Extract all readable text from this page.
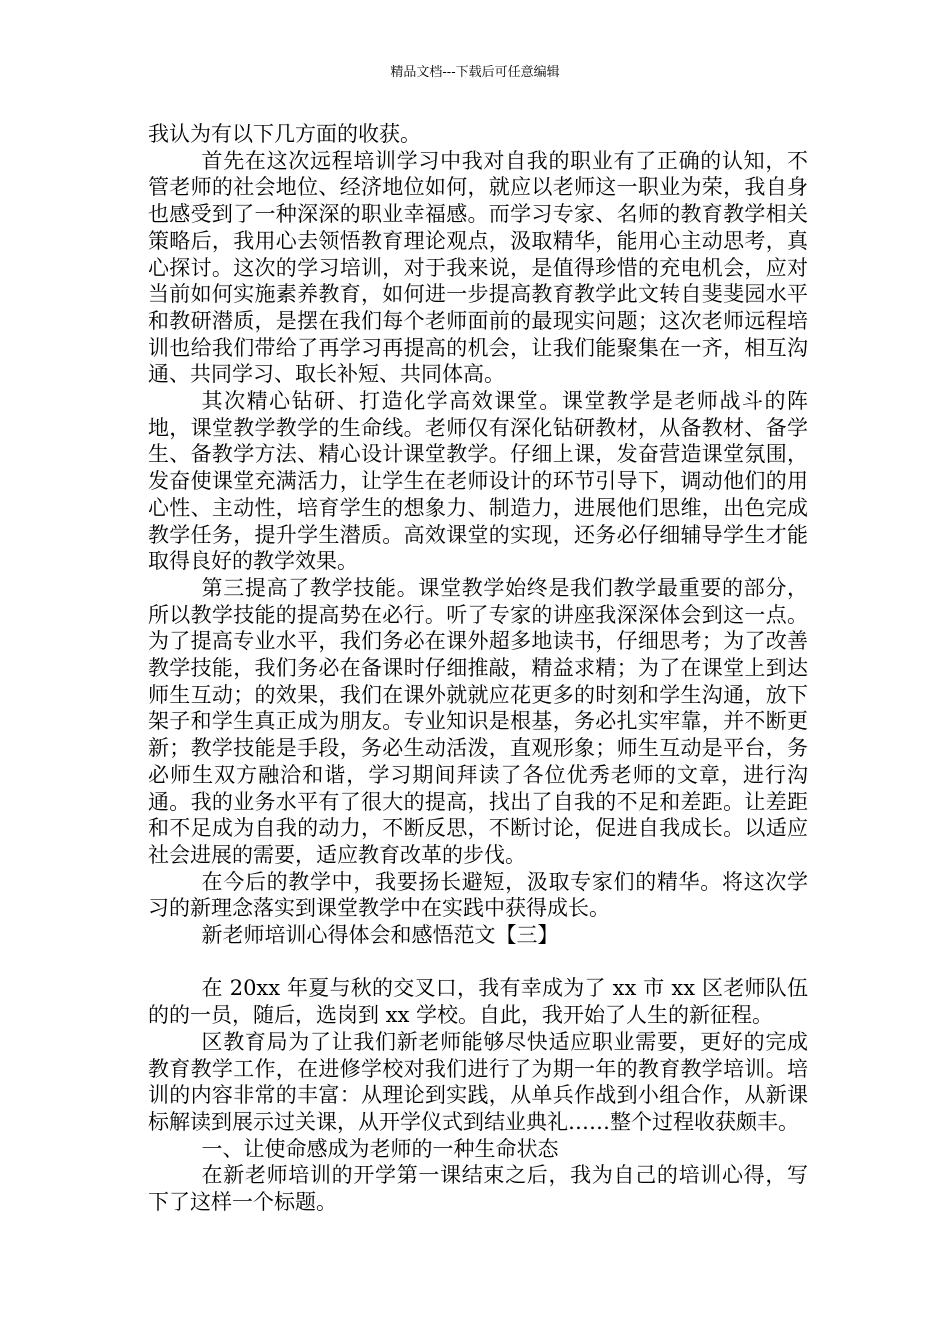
精品文档---下载后可任意编辑

我认为有以下几方面的收获。

首先在这次远程培训学习中我对自我的职业有了正确的认知，不管老师的社会地位、经济地位如何，就应以老师这一职业为荣，我自身也感受到了一种深深的职业幸福感。而学习专家、名师的教育教学相关策略后，我用心去领悟教育理论观点，汲取精华，能用心主动思考，真心探讨。这次的学习培训，对于我来说，是值得珍惜的充电机会，应对当前如何实施素养教育，如何进一步提高教育教学此文转自斐斐园水平和教研潜质，是摆在我们每个老师面前的最现实问题；这次老师远程培训也给我们带给了再学习再提高的机会，让我们能聚集在一齐，相互沟通、共同学习、取长补短、共同体高。

其次精心钻研、打造化学高效课堂。课堂教学是老师战斗的阵地，课堂教学教学的生命线。老师仅有深化钻研教材，从备教材、备学生、备教学方法、精心设计课堂教学。仔细上课，发奋营造课堂氛围，发奋使课堂充满活力，让学生在老师设计的环节引导下，调动他们的用心性、主动性，培育学生的想象力、制造力，进展他们思维，出色完成教学任务，提升学生潜质。高效课堂的实现，还务必仔细辅导学生才能取得良好的教学效果。

第三提高了教学技能。课堂教学始终是我们教学最重要的部分，所以教学技能的提高势在必行。听了专家的讲座我深深体会到这一点。为了提高专业水平，我们务必在课外超多地读书，仔细思考；为了改善教学技能，我们务必在备课时仔细推敲，精益求精；为了在课堂上到达师生互动；的效果，我们在课外就就应花更多的时刻和学生沟通，放下架子和学生真正成为朋友。专业知识是根基，务必扎实牢靠，并不断更新；教学技能是手段，务必生动活泼，直观形象；师生互动是平台，务必师生双方融洽和谐，学习期间拜读了各位优秀老师的文章，进行沟通。我的业务水平有了很大的提高，找出了自我的不足和差距。让差距和不足成为自我的动力，不断反思，不断讨论，促进自我成长。以适应社会进展的需要，适应教育改革的步伐。

在今后的教学中，我要扬长避短，汲取专家们的精华。将这次学习的新理念落实到课堂教学中在实践中获得成长。

新老师培训心得体会和感悟范文【三】

在 20xx 年夏与秋的交叉口，我有幸成为了 xx 市 xx 区老师队伍的的一员，随后，选岗到 xx 学校。自此，我开始了人生的新征程。

区教育局为了让我们新老师能够尽快适应职业需要，更好的完成教育教学工作，在进修学校对我们进行了为期一年的教育教学培训。培训的内容非常的丰富：从理论到实践，从单兵作战到小组合作，从新课标解读到展示过关课，从开学仪式到结业典礼……整个过程收获颇丰。

一、让使命感成为老师的一种生命状态

在新老师培训的开学第一课结束之后，我为自己的培训心得，写下了这样一个标题。
